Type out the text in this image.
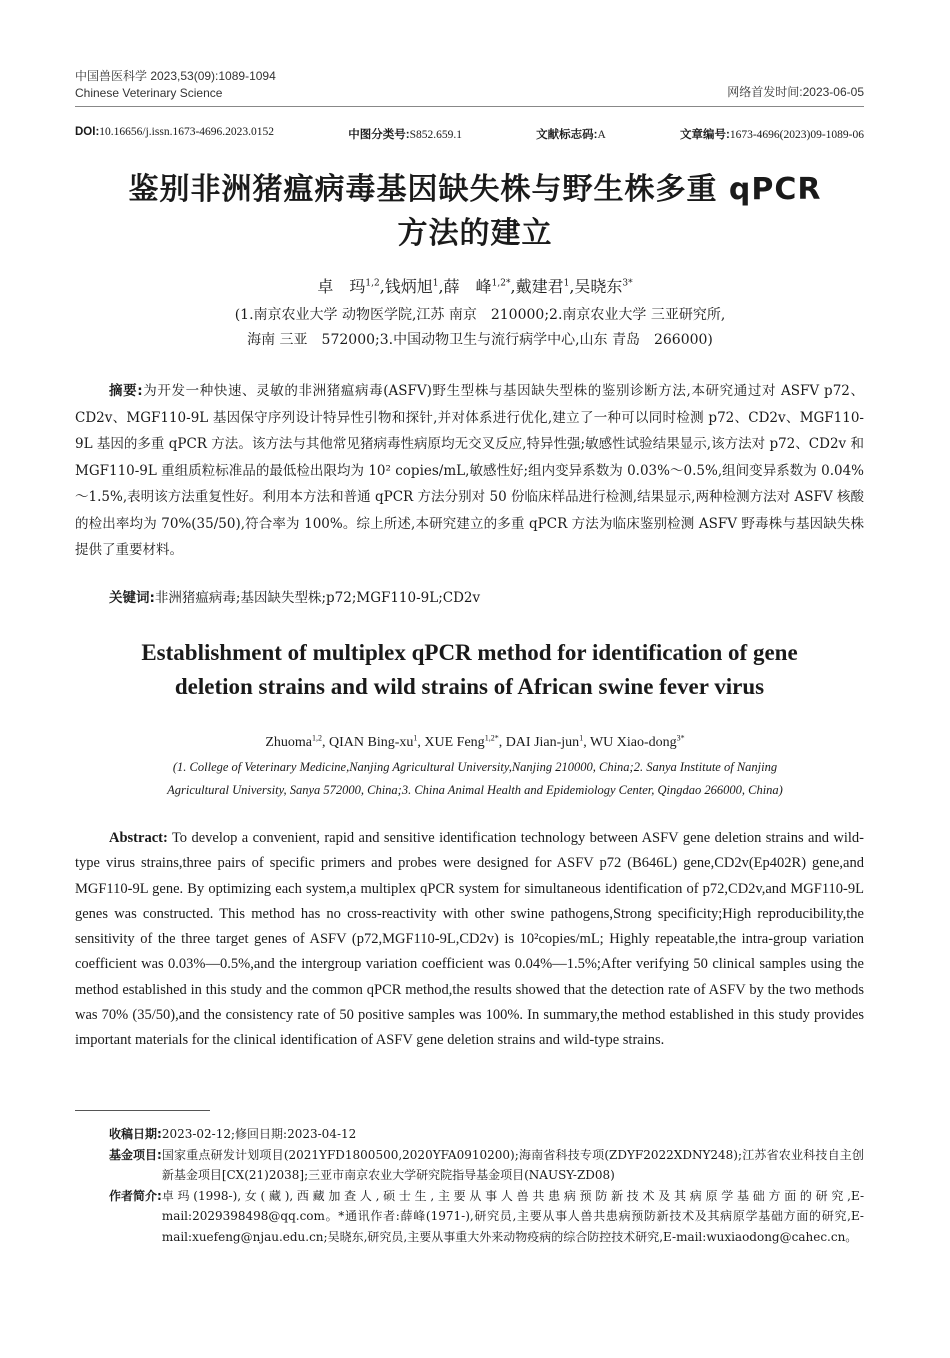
中国兽医科学 2023,53(09):1089-1094
Chinese Veterinary Science	网络首发时间:2023-06-05
DOI:10.16656/j.issn.1673-4696.2023.0152	中图分类号:S852.659.1	文献标志码:A	文章编号:1673-4696(2023)09-1089-06
鉴别非洲猪瘟病毒基因缺失株与野生株多重 qPCR
方法的建立
卓　玛$^{1,2}$,钱炳旭$^1$,薛　峰$^{1,2*}$,戴建君$^1$,吴晓东$^{3*}$
(1.南京农业大学 动物医学院,江苏 南京　210000;2.南京农业大学 三亚研究所,
海南 三亚　572000;3.中国动物卫生与流行病学中心,山东 青岛　266000)
摘要:为开发一种快速、灵敏的非洲猪瘟病毒(ASFV)野生型株与基因缺失型株的鉴别诊断方法,本研究通过对 ASFV p72、CD2v、MGF110-9L 基因保守序列设计特异性引物和探针,并对体系进行优化,建立了一种可以同时检测 p72、CD2v、MGF110-9L 基因的多重 qPCR 方法。该方法与其他常见猪病毒性病原均无交叉反应,特异性强;敏感性试验结果显示,该方法对 p72、CD2v 和 MGF110-9L 重组质粒标准品的最低检出限均为 10² copies/mL,敏感性好;组内变异系数为 0.03%～0.5%,组间变异系数为 0.04%～1.5%,表明该方法重复性好。利用本方法和普通 qPCR 方法分别对 50 份临床样品进行检测,结果显示,两种检测方法对 ASFV 核酸的检出率均为 70%(35/50),符合率为 100%。综上所述,本研究建立的多重 qPCR 方法为临床鉴别检测 ASFV 野毒株与基因缺失株提供了重要材料。
关键词:非洲猪瘟病毒;基因缺失型株;p72;MGF110-9L;CD2v
Establishment of multiplex qPCR method for identification of gene
deletion strains and wild strains of African swine fever virus
Zhuoma$^{1,2}$, QIAN Bing-$xu^1$, XUE Feng$^{1,2*}$, DAI Jian-jun$^1$, WU Xiao-dong$^{3*}$
(1. College of Veterinary Medicine,Nanjing Agricultural University,Nanjing 210000, China;2. Sanya Institute of Nanjing
Agricultural University, Sanya 572000, China;3. China Animal Health and Epidemiology Center, Qingdao 266000, China)
Abstract: To develop a convenient, rapid and sensitive identification technology between ASFV gene deletion strains and wild-type virus strains,three pairs of specific primers and probes were designed for ASFV p72 (B646L) gene,CD2v(Ep402R) gene,and MGF110-9L gene. By optimizing each system,a multiplex qPCR system for simultaneous identification of p72,CD2v,and MGF110-9L genes was constructed. This method has no cross-reactivity with other swine pathogens,Strong specificity;High reproducibility,the sensitivity of the three target genes of ASFV (p72,MGF110-9L,CD2v) is 10²copies/mL; Highly repeatable,the intra-group variation coefficient was 0.03%—0.5%,and the intergroup variation coefficient was 0.04%—1.5%;After verifying 50 clinical samples using the method established in this study and the common qPCR method,the results showed that the detection rate of ASFV by the two methods was 70% (35/50),and the consistency rate of 50 positive samples was 100%. In summary,the method established in this study provides important materials for the clinical identification of ASFV gene deletion strains and wild-type strains.
收稿日期: 2023-02-12;修回日期:2023-04-12
基金项目: 国家重点研发计划项目(2021YFD1800500,2020YFA0910200);海南省科技专项(ZDYF2022XDNY248);江苏省农业科技自主创新基金项目[CX(21)2038];三亚市南京农业大学研究院指导基金项目(NAUSY-ZD08)
作者简介: 卓玛(1998-),女(藏),西藏加查人,硕士生,主要从事人兽共患病预防新技术及其病原学基础方面的研究,E-mail:2029398498@qq.com。*通讯作者:薛峰(1971-),研究员,主要从事人兽共患病预防新技术及其病原学基础方面的研究,E-mail:xuefeng@njau.edu.cn;吴晓东,研究员,主要从事重大外来动物疫病的综合防控技术研究,E-mail:wuxiaodong@cahec.cn。
